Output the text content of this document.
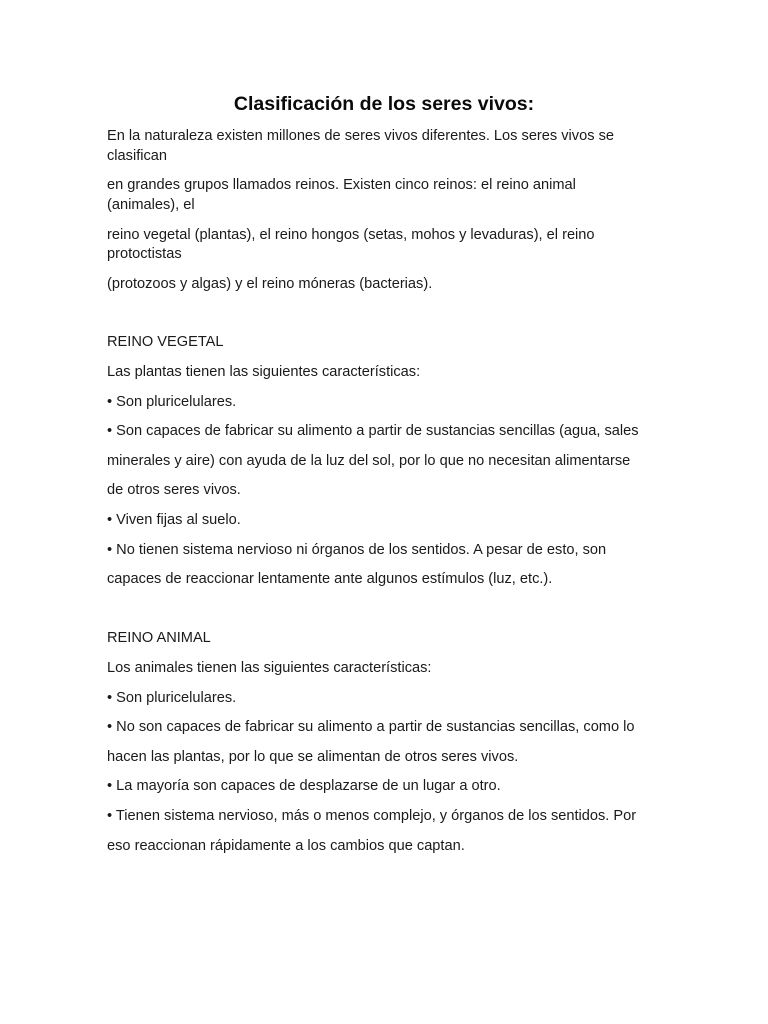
Clasificación de los seres vivos:
En la naturaleza existen millones de seres vivos diferentes. Los seres vivos se
clasifican
en grandes grupos llamados reinos. Existen cinco reinos: el reino animal
(animales), el
reino vegetal (plantas), el reino hongos (setas, mohos y levaduras), el reino
protoctistas
(protozoos y algas) y el reino móneras (bacterias).
REINO VEGETAL
Las plantas tienen las siguientes características:
• Son pluricelulares.
• Son capaces de fabricar su alimento a partir de sustancias sencillas (agua, sales
minerales y aire) con ayuda de la luz del sol, por lo que no necesitan alimentarse
de otros seres vivos.
• Viven fijas al suelo.
• No tienen sistema nervioso ni órganos de los sentidos. A pesar de esto, son
capaces de reaccionar lentamente ante algunos estímulos (luz, etc.).
REINO ANIMAL
Los animales tienen las siguientes características:
• Son pluricelulares.
• No son capaces de fabricar su alimento a partir de sustancias sencillas, como lo
hacen las plantas, por lo que se alimentan de otros seres vivos.
• La mayoría son capaces de desplazarse de un lugar a otro.
• Tienen sistema nervioso, más o menos complejo, y órganos de los sentidos. Por
eso reaccionan rápidamente a los cambios que captan.
